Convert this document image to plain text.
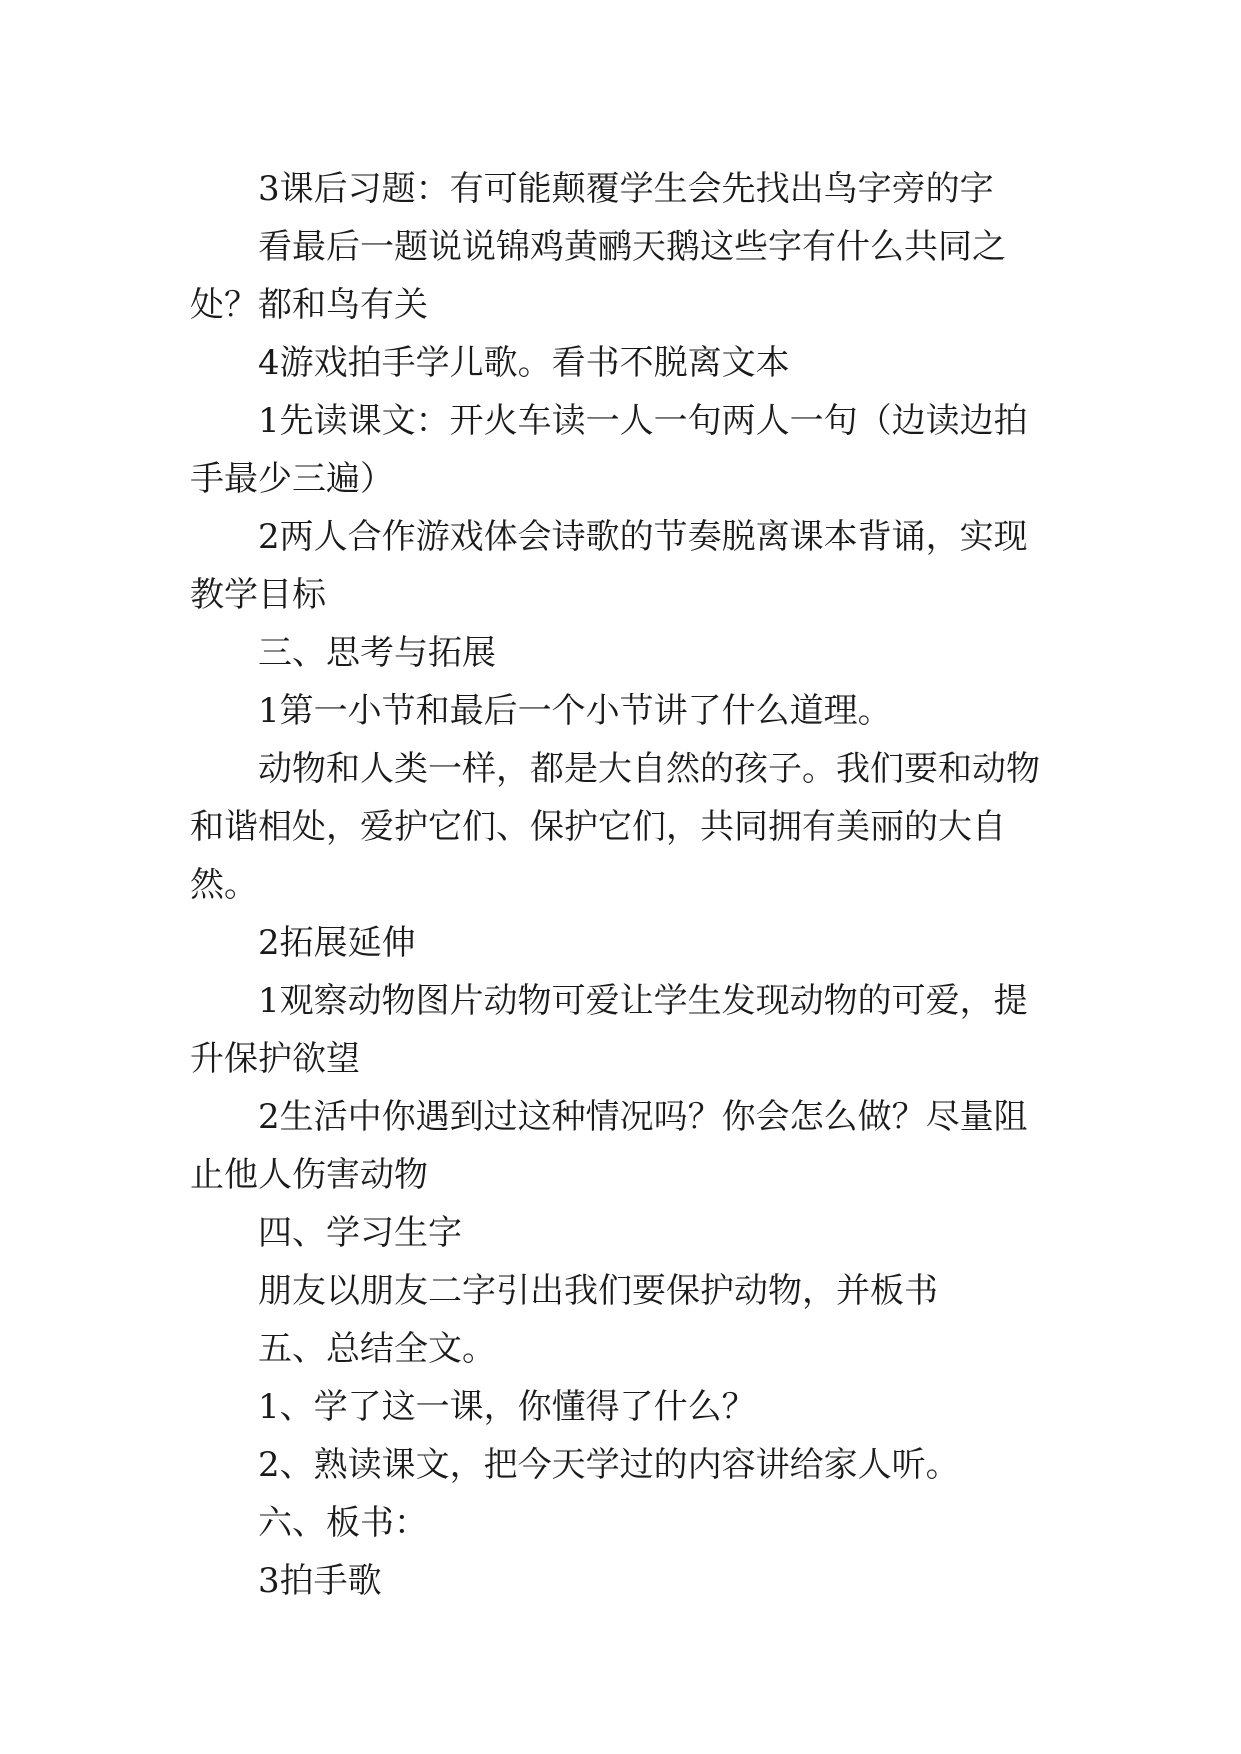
3课后习题：有可能颠覆学生会先找出鸟字旁的字

看最后一题说说锦鸡黄鹂天鹅这些字有什么共同之处？都和鸟有关

4游戏拍手学儿歌。看书不脱离文本

1先读课文：开火车读一人一句两人一句（边读边拍手最少三遍）

2两人合作游戏体会诗歌的节奏脱离课本背诵，实现教学目标

三、思考与拓展

1第一小节和最后一个小节讲了什么道理。

动物和人类一样，都是大自然的孩子。我们要和动物和谐相处，爱护它们、保护它们，共同拥有美丽的大自然。

2拓展延伸

1观察动物图片动物可爱让学生发现动物的可爱，提升保护欲望

2生活中你遇到过这种情况吗？你会怎么做？尽量阻止他人伤害动物

四、学习生字

朋友以朋友二字引出我们要保护动物，并板书

五、总结全文。

1、学了这一课，你懂得了什么？

2、熟读课文，把今天学过的内容讲给家人听。

六、板书：

3拍手歌
